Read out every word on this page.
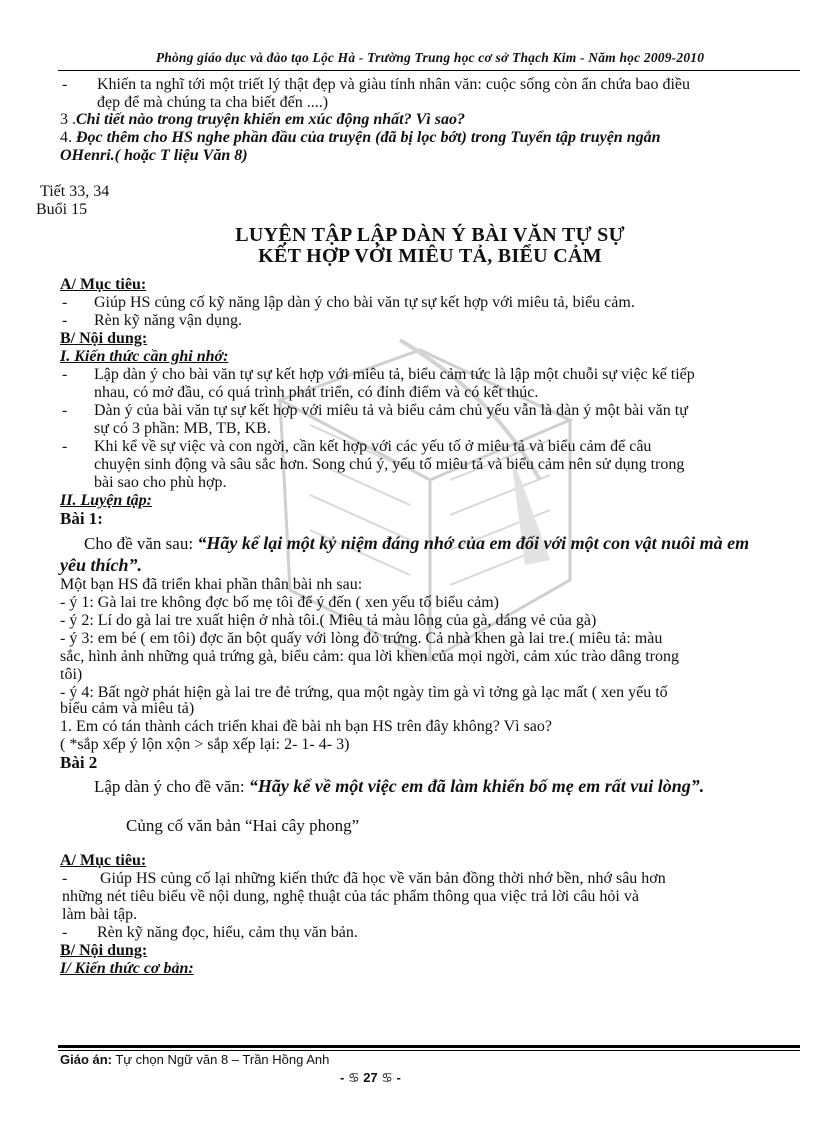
Phòng giáo dục và đào tạo Lộc Hà - Trường Trung học cơ sở Thạch Kim - Năm học 2009-2010
- Khiến ta nghĩ tới một triết lý thật đẹp và giàu tính nhân văn: cuộc sống còn ẩn chứa bao điều
đẹp để mà chúng ta cha biết đến ....)
3 .Chi tiết nào trong truyện khiến em xúc động nhất? Vì sao?
4. Đọc thêm cho HS nghe phần đầu của truyện (đã bị lọc bớt) trong Tuyển tập truyện ngắn
OHenri.( hoặc T liệu Văn 8)
Tiết 33, 34
Buổi 15
LUYỆN TẬP LẬP DÀN Ý BÀI VĂN TỰ SỰ
KẾT HỢP VỚI MIÊU TẢ, BIỂU CẢM
A/ Mục tiêu:
- Giúp HS củng cố kỹ năng lập dàn ý cho bài văn tự sự kết hợp với miêu tả, biểu cảm.
- Rèn kỹ năng vận dụng.
B/ Nội dung:
I. Kiến thức cần ghi nhớ:
- Lập dàn ý cho bài văn tự sự kết hợp với miêu tả, biểu cảm tức là lập một chuỗi sự việc kế tiếp
nhau, có mở đầu, có quá trình phát triển, có đỉnh điểm và có kết thúc.
- Dàn ý của bài văn tự sự kết hợp với miêu tả và biểu cảm chủ yếu vẫn là dàn ý một bài văn tự
sự có 3 phần: MB, TB, KB.
- Khi kể về sự việc và con ngời, cần kết hợp với các yếu tố ở miêu tả và biểu cảm để câu
chuyện sinh động và sâu sắc hơn. Song chú ý, yếu tố miêu tả và biểu cảm nên sử dụng trong
bài sao cho phù hợp.
II. Luyện tập:
Bài 1:
Cho đề văn sau: “Hãy kể lại một kỷ niệm đáng nhớ của em đối với một con vật nuôi mà em
yêu thích”.
Một bạn HS đã triển khai phần thân bài nh sau:
- ý 1: Gà lai tre không đợc bố mẹ tôi để ý đến ( xen yếu tố biểu cảm)
- ý 2: Lí do gà lai tre xuất hiện ở nhà tôi.( Miêu tả màu lông của gà, dáng vẻ của gà)
- ý 3: em bé ( em tôi) đợc ăn bột quấy với lòng đỏ trứng. Cả nhà khen gà lai tre.( miêu tả: màu
sắc, hình ảnh những quả trứng gà, biểu cảm: qua lời khen của mọi ngời, cảm xúc trào dâng trong
tôi)
- ý 4: Bất ngờ phát hiện gà lai tre đẻ trứng, qua một ngày tìm gà vì tởng gà lạc mất ( xen yếu tố
biểu cảm và miêu tả)
1. Em có tán thành cách triển khai đề bài nh bạn HS trên đây không? Vì sao?
( *sắp xếp ý lộn xộn > sắp xếp lại: 2- 1- 4- 3)
Bài 2
Lập dàn ý cho đề văn: “Hãy kể về một việc em đã làm khiến bố mẹ em rất vui lòng”.
Củng cố văn bản “Hai cây phong”
A/ Mục tiêu:
- Giúp HS củng cố lại những kiến thức đã học về văn bản đồng thời nhớ bền, nhớ sâu hơn
những nét tiêu biểu về nội dung, nghệ thuật của tác phẩm thông qua việc trả lời câu hỏi và
làm bài tập.
- Rèn kỹ năng đọc, hiểu, cảm thụ văn bản.
B/ Nội dung:
I/ Kiến thức cơ bản:
Giáo án: Tự chọn Ngữ văn 8 – Trần Hồng Anh
- ♋ 27 ♋ -
